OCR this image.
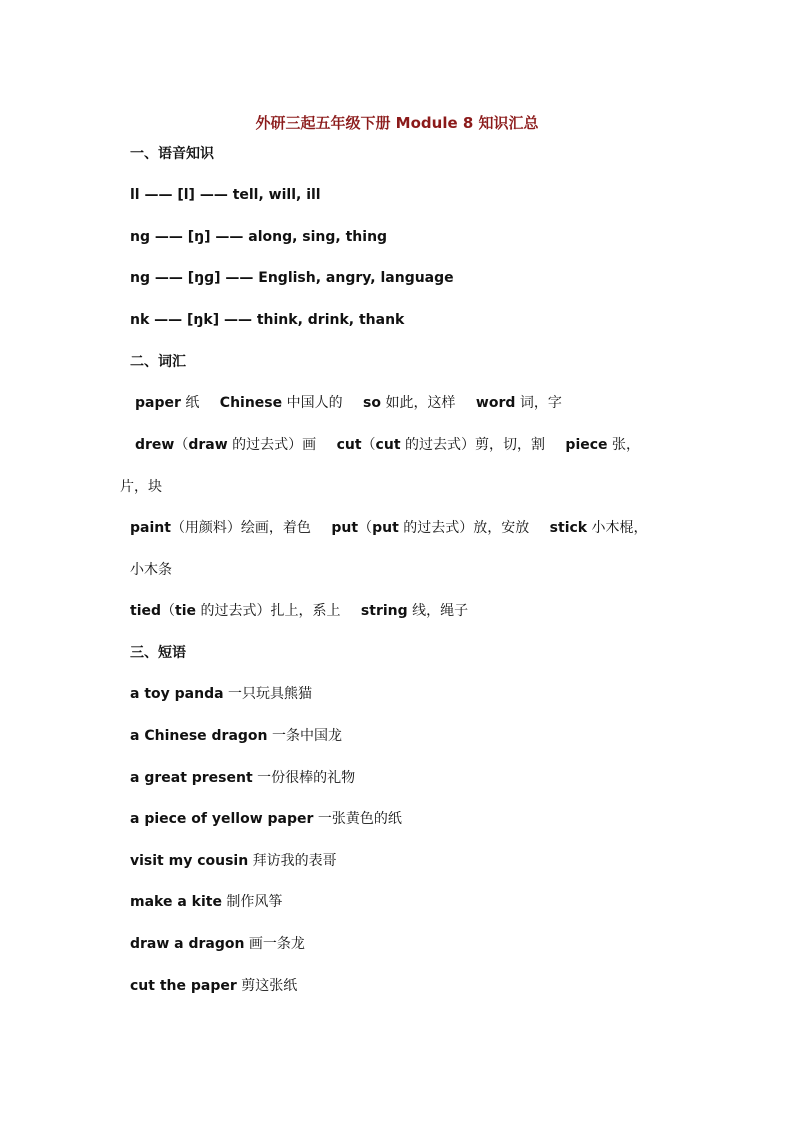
外研三起五年级下册 Module 8 知识汇总
一、语音知识
ll —— [l] —— tell, will, ill
ng —— [ŋ] —— along, sing, thing
ng —— [ŋɡ] —— English, angry, language
nk —— [ŋk] —— think, drink, thank
二、词汇
paper 纸 Chinese 中国人的 so 如此，这样 word 词，字
drew（draw 的过去式）画 cut（cut 的过去式）剪，切，割 piece 张，
片，块
paint（用颜料）绘画，着色 put（put 的过去式）放，安放 stick 小木棍，
小木条
tied（tie 的过去式）扎上，系上 string 线，绳子
三、短语
a toy panda 一只玩具熊猫
a Chinese dragon 一条中国龙
a great present 一份很棒的礼物
a piece of yellow paper 一张黄色的纸
visit my cousin 拜访我的表哥
make a kite 制作风筝
draw a dragon 画一条龙
cut the paper 剪这张纸
